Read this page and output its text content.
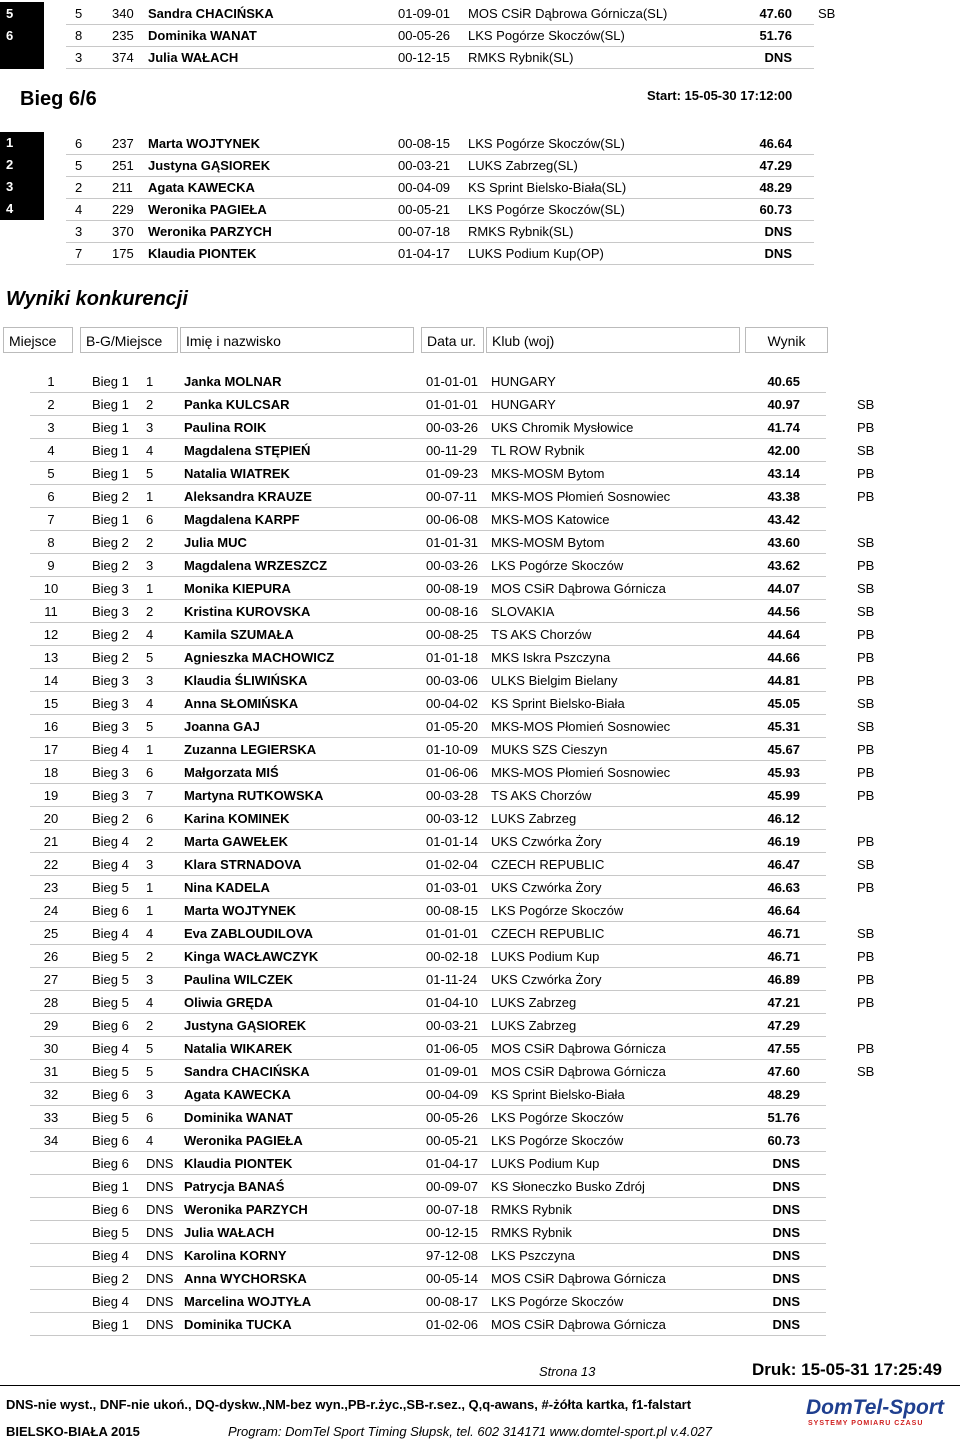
5	5 340 Sandra CHACIŃSKA	01-09-01 MOS CSiR Dąbrowa Górnicza(SL)	47.60 SB
6	8 235 Dominika WANAT	00-05-26 LKS Pogórze Skoczów(SL)	51.76
3 374 Julia WAŁACH	00-12-15 RMKS Rybnik(SL)	DNS
Bieg 6/6	Start: 15-05-30 17:12:00
1	6 237 Marta WOJTYNEK	00-08-15 LKS Pogórze Skoczów(SL)	46.64
2	5 251 Justyna GĄSIOREK	00-03-21 LUKS Zabrzeg(SL)	47.29
3	2 211 Agata KAWECKA	00-04-09 KS Sprint Bielsko-Biała(SL)	48.29
4	4 229 Weronika PAGIEŁA	00-05-21 LKS Pogórze Skoczów(SL)	60.73
3 370 Weronika PARZYCH	00-07-18 RMKS Rybnik(SL)	DNS
7 175 Klaudia PIONTEK	01-04-17 LUKS Podium Kup(OP)	DNS
Wyniki konkurencji
Miejsce	B-G/Miejsce	Imię i nazwisko	Data ur.	Klub (woj)	Wynik
1	Bieg 1 1 Janka MOLNAR	01-01-01 HUNGARY	40.65
2	Bieg 1 2 Panka KULCSAR	01-01-01 HUNGARY	40.97	SB
3	Bieg 1 3 Paulina ROIK	00-03-26 UKS Chromik Mysłowice	41.74	PB
4	Bieg 1 4 Magdalena STĘPIEŃ	00-11-29 TL ROW Rybnik	42.00	SB
5	Bieg 1 5 Natalia WIATREK	01-09-23 MKS-MOSM Bytom	43.14	PB
6	Bieg 2 1 Aleksandra KRAUZE	00-07-11 MKS-MOS Płomień Sosnowiec	43.38	PB
7	Bieg 1 6 Magdalena KARPF	00-06-08 MKS-MOS Katowice	43.42
8	Bieg 2 2 Julia MUC	01-01-31 MKS-MOSM Bytom	43.60	SB
9	Bieg 2 3 Magdalena WRZESZCZ	00-03-26 LKS Pogórze Skoczów	43.62	PB
10	Bieg 3 1 Monika KIEPURA	00-08-19 MOS CSiR Dąbrowa Górnicza	44.07	SB
11	Bieg 3 2 Kristina KUROVSKA	00-08-16 SLOVAKIA	44.56	SB
12	Bieg 2 4 Kamila SZUMAŁA	00-08-25 TS AKS Chorzów	44.64	PB
13	Bieg 2 5 Agnieszka MACHOWICZ	01-01-18 MKS Iskra Pszczyna	44.66	PB
14	Bieg 3 3 Klaudia ŚLIWIŃSKA	00-03-06 ULKS Bielgim Bielany	44.81	PB
15	Bieg 3 4 Anna SŁOMIŃSKA	00-04-02 KS Sprint Bielsko-Biała	45.05	SB
16	Bieg 3 5 Joanna GAJ	01-05-20 MKS-MOS Płomień Sosnowiec	45.31	SB
17	Bieg 4 1 Zuzanna LEGIERSKA	01-10-09 MUKS SZS Cieszyn	45.67	PB
18	Bieg 3 6 Małgorzata MIŚ	01-06-06 MKS-MOS Płomień Sosnowiec	45.93	PB
19	Bieg 3 7 Martyna RUTKOWSKA	00-03-28 TS AKS Chorzów	45.99	PB
20	Bieg 2 6 Karina KOMINEK	00-03-12 LUKS Zabrzeg	46.12
21	Bieg 4 2 Marta GAWEŁEK	01-01-14 UKS Czwórka Żory	46.19	PB
22	Bieg 4 3 Klara STRNADOVA	01-02-04 CZECH REPUBLIC	46.47	SB
23	Bieg 5 1 Nina KADELA	01-03-01 UKS Czwórka Żory	46.63	PB
24	Bieg 6 1 Marta WOJTYNEK	00-08-15 LKS Pogórze Skoczów	46.64
25	Bieg 4 4 Eva ZABLOUDILOVA	01-01-01 CZECH REPUBLIC	46.71	SB
26	Bieg 5 2 Kinga WACŁAWCZYK	00-02-18 LUKS Podium Kup	46.71	PB
27	Bieg 5 3 Paulina WILCZEK	01-11-24 UKS Czwórka Żory	46.89	PB
28	Bieg 5 4 Oliwia GRĘDA	01-04-10 LUKS Zabrzeg	47.21	PB
29	Bieg 6 2 Justyna GĄSIOREK	00-03-21 LUKS Zabrzeg	47.29
30	Bieg 4 5 Natalia WIKAREK	01-06-05 MOS CSiR Dąbrowa Górnicza	47.55	PB
31	Bieg 5 5 Sandra CHACIŃSKA	01-09-01 MOS CSiR Dąbrowa Górnicza	47.60	SB
32	Bieg 6 3 Agata KAWECKA	00-04-09 KS Sprint Bielsko-Biała	48.29
33	Bieg 5 6 Dominika WANAT	00-05-26 LKS Pogórze Skoczów	51.76
34	Bieg 6 4 Weronika PAGIEŁA	00-05-21 LKS Pogórze Skoczów	60.73
Bieg 6 DNS Klaudia PIONTEK	01-04-17 LUKS Podium Kup	DNS
Bieg 1 DNS Patrycja BANAŚ	00-09-07 KS Słoneczko Busko Zdrój	DNS
Bieg 6 DNS Weronika PARZYCH	00-07-18 RMKS Rybnik	DNS
Bieg 5 DNS Julia WAŁACH	00-12-15 RMKS Rybnik	DNS
Bieg 4 DNS Karolina KORNY	97-12-08 LKS Pszczyna	DNS
Bieg 2 DNS Anna WYCHORSKA	00-05-14 MOS CSiR Dąbrowa Górnicza	DNS
Bieg 4 DNS Marcelina WOJTYŁA	00-08-17 LKS Pogórze Skoczów	DNS
Bieg 1 DNS Dominika TUCKA	01-02-06 MOS CSiR Dąbrowa Górnicza	DNS
Strona 13	Druk: 15-05-31 17:25:49
DNS-nie wyst., DNF-nie ukoń., DQ-dyskw.,NM-bez wyn.,PB-r.życ.,SB-r.sez., Q,q-awans, #-żółta kartka, f1-falstart
BIELSKO-BIAŁA 2015	Program: DomTel Sport Timing Słupsk, tel. 602 314171 www.domtel-sport.pl v.4.027
DomTel-Sport
SYSTEMY POMIARU CZASU
